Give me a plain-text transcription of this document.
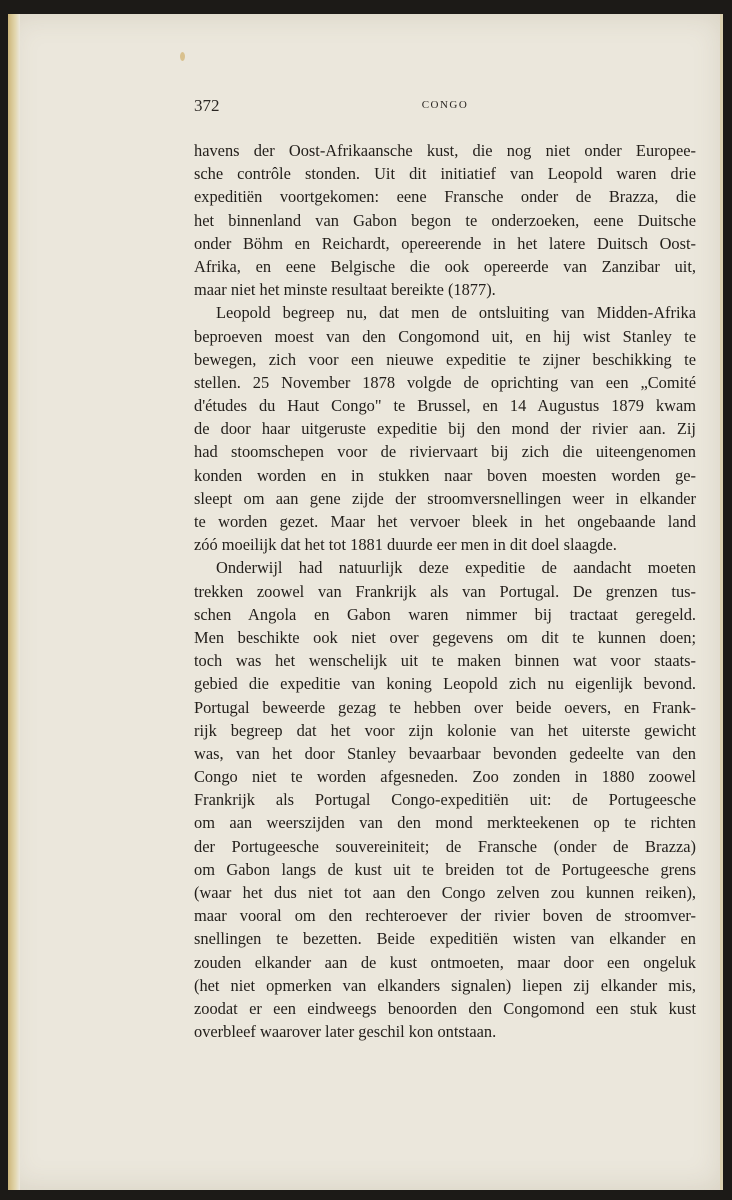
372	CONGO

havens der Oost-Afrikaansche kust, die nog niet onder Europee-
sche contrôle stonden. Uit dit initiatief van Leopold waren drie
expeditiën voortgekomen: eene Fransche onder de Brazza, die
het binnenland van Gabon begon te onderzoeken, eene Duitsche
onder Böhm en Reichardt, opereerende in het latere Duitsch Oost-
Afrika, en eene Belgische die ook opereerde van Zanzibar uit,
maar niet het minste resultaat bereikte (1877).

Leopold begreep nu, dat men de ontsluiting van Midden-Afrika
beproeven moest van den Congomond uit, en hij wist Stanley te
bewegen, zich voor een nieuwe expeditie te zijner beschikking te
stellen. 25 November 1878 volgde de oprichting van een „Comité
d'études du Haut Congo" te Brussel, en 14 Augustus 1879 kwam
de door haar uitgeruste expeditie bij den mond der rivier aan. Zij
had stoomschepen voor de riviervaart bij zich die uiteengenomen
konden worden en in stukken naar boven moesten worden ge-
sleept om aan gene zijde der stroomversnellingen weer in elkander
te worden gezet. Maar het vervoer bleek in het ongebaande land
zóó moeilijk dat het tot 1881 duurde eer men in dit doel slaagde.

Onderwijl had natuurlijk deze expeditie de aandacht moeten
trekken zoowel van Frankrijk als van Portugal. De grenzen tus-
schen Angola en Gabon waren nimmer bij tractaat geregeld.
Men beschikte ook niet over gegevens om dit te kunnen doen;
toch was het wenschelijk uit te maken binnen wat voor staats-
gebied die expeditie van koning Leopold zich nu eigenlijk bevond.
Portugal beweerde gezag te hebben over beide oevers, en Frank-
rijk begreep dat het voor zijn kolonie van het uiterste gewicht
was, van het door Stanley bevaarbaar bevonden gedeelte van den
Congo niet te worden afgesneden. Zoo zonden in 1880 zoowel
Frankrijk als Portugal Congo-expeditiën uit: de Portugeesche
om aan weerszijden van den mond merkteekenen op te richten
der Portugeesche souvereiniteit; de Fransche (onder de Brazza)
om Gabon langs de kust uit te breiden tot de Portugeesche grens
(waar het dus niet tot aan den Congo zelven zou kunnen reiken),
maar vooral om den rechteroever der rivier boven de stroomver-
snellingen te bezetten. Beide expeditiën wisten van elkander en
zouden elkander aan de kust ontmoeten, maar door een ongeluk
(het niet opmerken van elkanders signalen) liepen zij elkander mis,
zoodat er een eindweegs benoorden den Congomond een stuk kust
overbleef waarover later geschil kon ontstaan.
